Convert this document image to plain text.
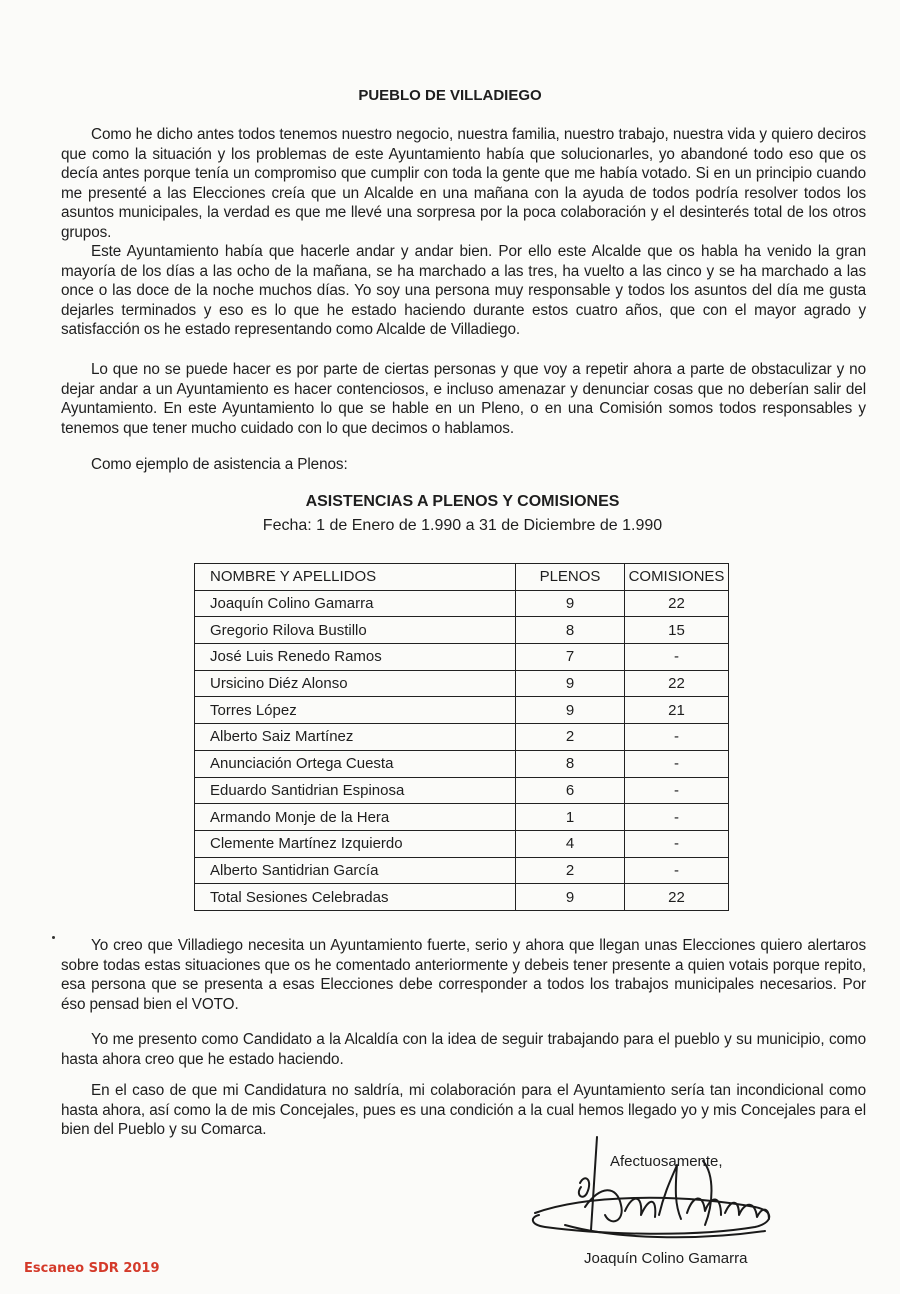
PUEBLO DE VILLADIEGO
Como he dicho antes todos tenemos nuestro negocio, nuestra familia, nuestro trabajo, nuestra vida y quiero deciros que como la situación y los problemas de este Ayuntamiento había que solucionarles, yo abandoné todo eso que os decía antes porque tenía un compromiso que cumplir con toda la gente que me había votado. Si en un principio cuando me presenté a las Elecciones creía que un Alcalde en una mañana con la ayuda de todos podría resolver todos los asuntos municipales, la verdad es que me llevé una sorpresa por la poca colaboración y el desinterés total de los otros grupos.
Este Ayuntamiento había que hacerle andar y andar bien. Por ello este Alcalde que os habla ha venido la gran mayoría de los días a las ocho de la mañana, se ha marchado a las tres, ha vuelto a las cinco y se ha marchado a las once o las doce de la noche muchos días. Yo soy una persona muy responsable y todos los asuntos del día me gusta dejarles terminados y eso es lo que he estado haciendo durante estos cuatro años, que con el mayor agrado y satisfacción os he estado representando como Alcalde de Villadiego.
Lo que no se puede hacer es por parte de ciertas personas y que voy a repetir ahora a parte de obstaculizar y no dejar andar a un Ayuntamiento es hacer contenciosos, e incluso amenazar y denunciar cosas que no deberían salir del Ayuntamiento. En este Ayuntamiento lo que se hable en un Pleno, o en una Comisión somos todos responsables y tenemos que tener mucho cuidado con lo que decimos o hablamos.
Como ejemplo de asistencia a Plenos:
ASISTENCIAS A PLENOS Y COMISIONES
Fecha: 1 de Enero de 1.990 a 31 de Diciembre de 1.990
NOMBRE Y APELLIDOS	PLENOS	COMISIONES
Joaquín Colino Gamarra	9	22
Gregorio Rilova Bustillo	8	15
José Luis Renedo Ramos	7	-
Ursicino Diéz Alonso	9	22
Torres López	9	21
Alberto Saiz Martínez	2	-
Anunciación Ortega Cuesta	8	-
Eduardo Santidrian Espinosa	6	-
Armando Monje de la Hera	1	-
Clemente Martínez Izquierdo	4	-
Alberto Santidrian García	2	-
Total Sesiones Celebradas	9	22
Yo creo que Villadiego necesita un Ayuntamiento fuerte, serio y ahora que llegan unas Elecciones quiero alertaros sobre todas estas situaciones que os he comentado anteriormente y debeis tener presente a quien votais porque repito, esa persona que se presenta a esas Elecciones debe corresponder a todos los trabajos municipales necesarios. Por éso pensad bien el VOTO.
Yo me presento como Candidato a la Alcaldía con la idea de seguir trabajando para el pueblo y su municipio, como hasta ahora creo que he estado haciendo.
En el caso de que mi Candidatura no saldría, mi colaboración para el Ayuntamiento sería tan incondicional como hasta ahora, así como la de mis Concejales, pues es una condición a la cual hemos llegado yo y mis Concejales para el bien del Pueblo y su Comarca.
Afectuosamente,
Joaquín Colino Gamarra
Escaneo SDR 2019
